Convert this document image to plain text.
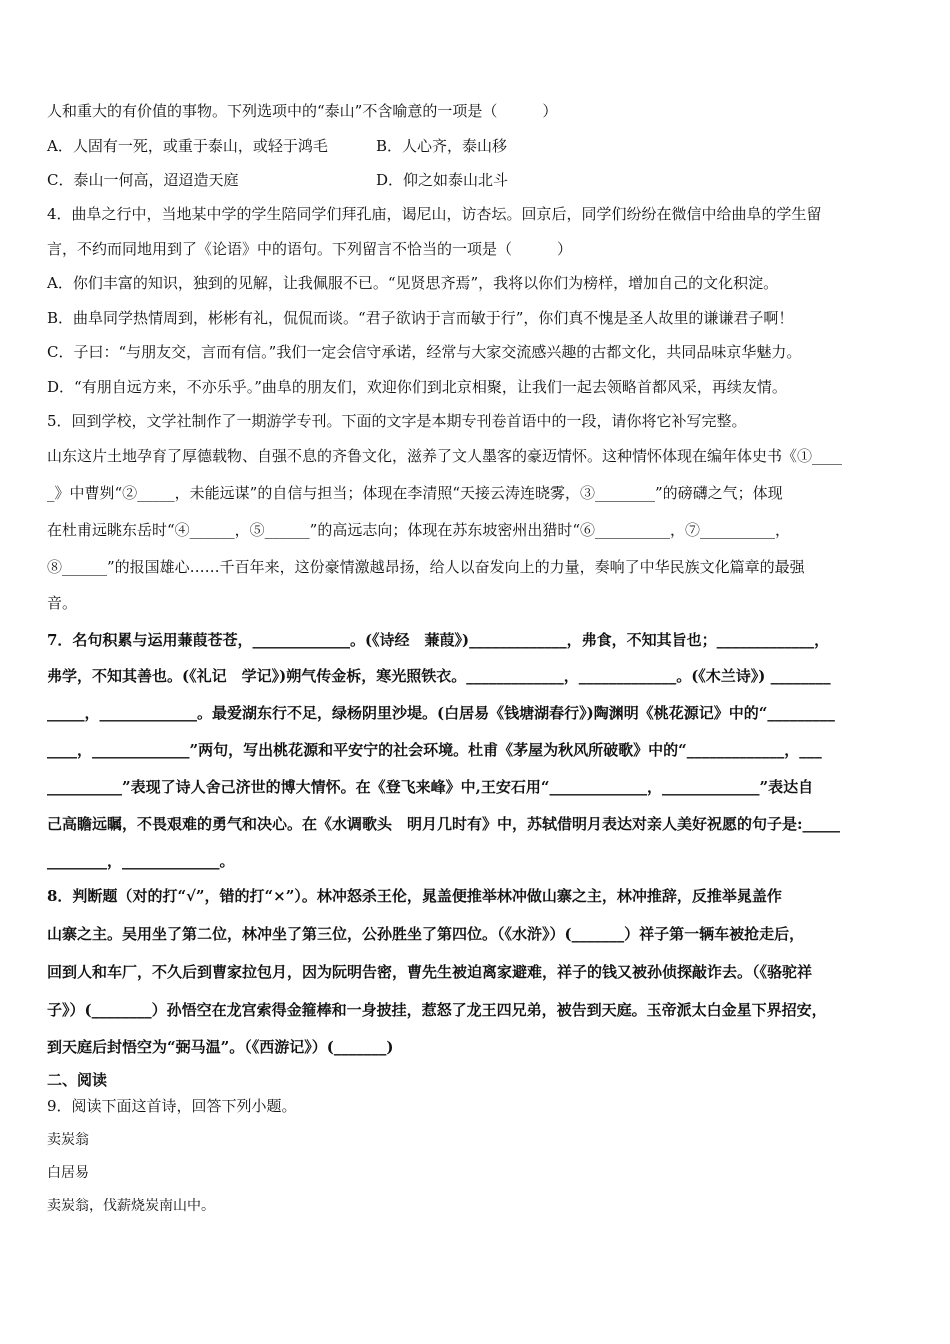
人和重大的有价值的事物。下列选项中的“泰山”不含喻意的一项是（　　　）
A．人固有一死，或重于泰山，或轻于鸿毛	B．人心齐，泰山移
C．泰山一何高，迢迢造天庭	D．仰之如泰山北斗
4．曲阜之行中，当地某中学的学生陪同学们拜孔庙，谒尼山，访杏坛。回京后，同学们纷纷在微信中给曲阜的学生留
言，不约而同地用到了《论语》中的语句。下列留言不恰当的一项是（　　　）
A．你们丰富的知识，独到的见解，让我佩服不已。“见贤思齐焉”，我将以你们为榜样，增加自己的文化积淀。
B．曲阜同学热情周到，彬彬有礼，侃侃而谈。“君子欲讷于言而敏于行”，你们真不愧是圣人故里的谦谦君子啊！
C．子曰：“与朋友交，言而有信。”我们一定会信守承诺，经常与大家交流感兴趣的古都文化，共同品味京华魅力。
D．“有朋自远方来，不亦乐乎。”曲阜的朋友们，欢迎你们到北京相聚，让我们一起去领略首都风采，再续友情。
5．回到学校，文学社制作了一期游学专刊。下面的文字是本期专刊卷首语中的一段，请你将它补写完整。
山东这片土地孕育了厚德载物、自强不息的齐鲁文化，滋养了文人墨客的豪迈情怀。这种情怀体现在编年体史书《①____
_》中曹刿“②_____，未能远谋”的自信与担当；体现在李清照“天接云涛连晓雾，③________”的磅礴之气；体现
在杜甫远眺东岳时“④______，⑤______”的高远志向；体现在苏东坡密州出猎时“⑥__________，⑦__________，
⑧______”的报国雄心……千百年来，这份豪情激越昂扬，给人以奋发向上的力量，奏响了中华民族文化篇章的最强
音。
7．名句积累与运用蒹葭苍苍，_____________。(《诗经　蒹葭》)_____________，弗食，不知其旨也；_____________，
弗学，不知其善也。(《礼记　学记》)朔气传金柝，寒光照铁衣。_____________，_____________。(《木兰诗》) ________
_____，_____________。最爱湖东行不足，绿杨阴里沙堤。(白居易《钱塘湖春行》)陶渊明《桃花源记》中的“_________
____，_____________”两句，写出桃花源和平安宁的社会环境。杜甫《茅屋为秋风所破歌》中的“_____________，___
__________”表现了诗人舍己济世的博大情怀。在《登飞来峰》中,王安石用“_____________，_____________”表达自
己高瞻远瞩，不畏艰难的勇气和决心。在《水调歌头　明月几时有》中，苏轼借明月表达对亲人美好祝愿的句子是:_____
________，_____________。
8．判断题（对的打“√”，错的打“×”）。林冲怒杀王伦，晁盖便推举林冲做山寨之主，林冲推辞，反推举晁盖作
山寨之主。吴用坐了第二位，林冲坐了第三位，公孙胜坐了第四位。（《水浒》）(_______）祥子第一辆车被抢走后，
回到人和车厂，不久后到曹家拉包月，因为阮明告密，曹先生被迫离家避难，祥子的钱又被孙侦探敲诈去。（《骆驼祥
子》）(________）孙悟空在龙宫索得金箍棒和一身披挂，惹怒了龙王四兄弟，被告到天庭。玉帝派太白金星下界招安，
到天庭后封悟空为“弼马温”。（《西游记》）(_______)
二、阅读
9．阅读下面这首诗，回答下列小题。
卖炭翁
白居易
卖炭翁，伐薪烧炭南山中。
